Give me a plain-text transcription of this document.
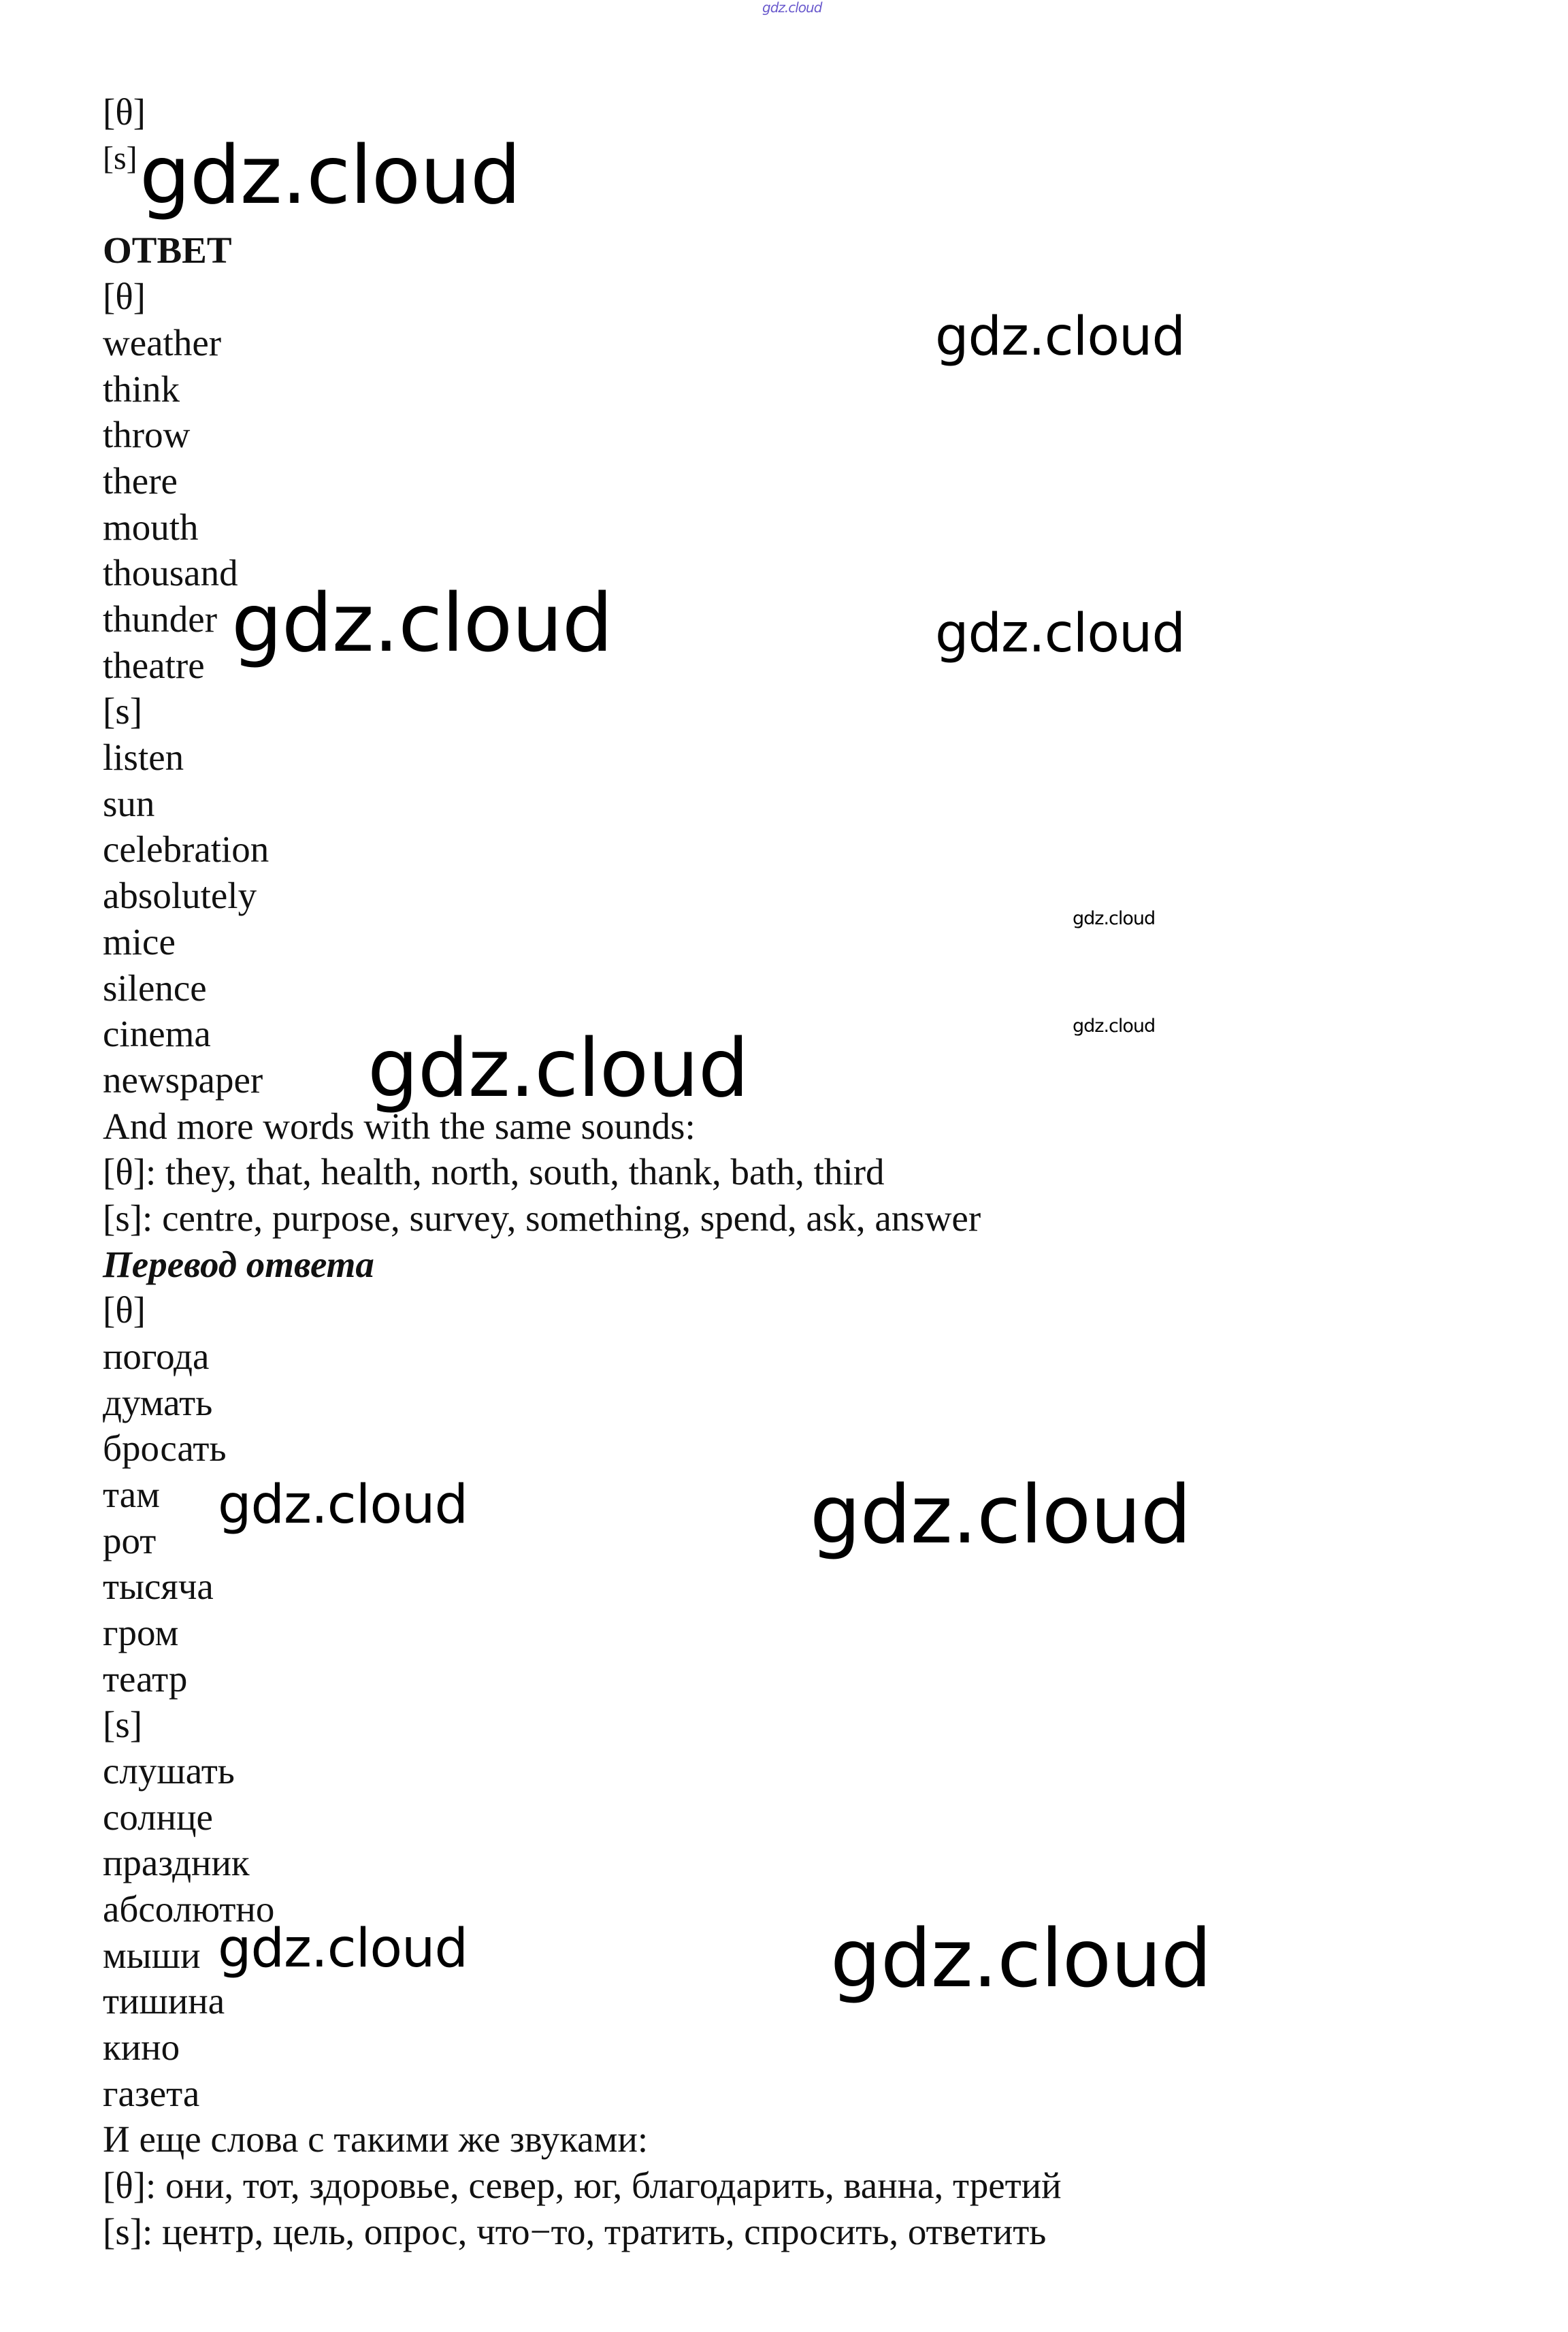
gdz.cloud
[θ]
[s]
ОТВЕТ
[θ]
weather
think
throw
there
mouth
thousand
thunder
theatre
[s]
listen
sun
celebration
absolutely
mice
silence
cinema
newspaper
And more words with the same sounds:
[θ]: they, that, health, north, south, thank, bath, third
[s]: centre, purpose, survey, something, spend, ask, answer
Перевод ответа
[θ]
погода
думать
бросать
там
рот
тысяча
гром
театр
[s]
слушать
солнце
праздник
абсолютно
мыши
тишина
кино
газета
И еще слова с такими же звуками:
[θ]: они, тот, здоровье, север, юг, благодарить, ванна, третий
[s]: центр, цель, опрос, что−то, тратить, спросить, ответить
gdz.cloud
gdz.cloud
gdz.cloud	gdz.cloud
gdz.cloud
gdz.cloud
gdz.cloud
gdz.cloud	gdz.cloud
gdz.cloud	gdz.cloud
